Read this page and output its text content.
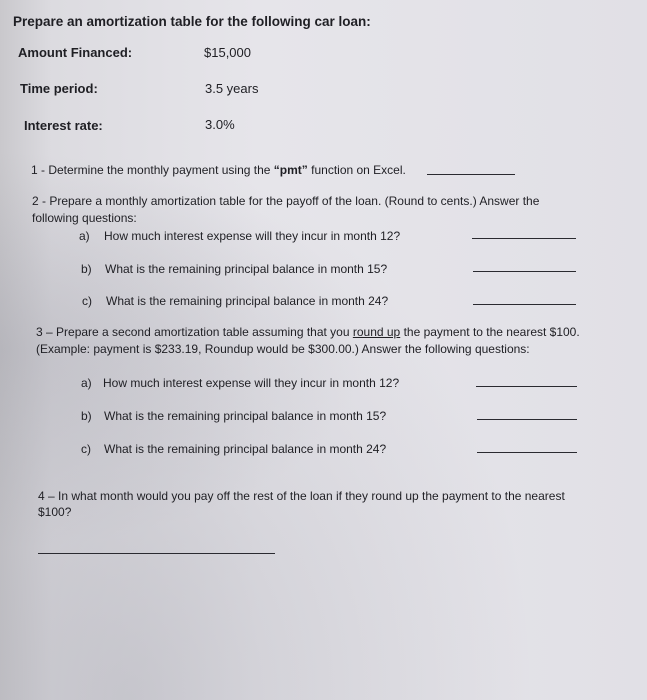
Prepare an amortization table for the following car loan:
Amount Financed:	$15,000
Time period:	3.5 years
Interest rate:	3.0%
1 - Determine the monthly payment using the “pmt” function on Excel.
2 - Prepare a monthly amortization table for the payoff of the loan. (Round to cents.) Answer the
following questions:
a) How much interest expense will they incur in month 12?
b) What is the remaining principal balance in month 15?
c) What is the remaining principal balance in month 24?
3 – Prepare a second amortization table assuming that you round up the payment to the nearest $100.
(Example: payment is $233.19, Roundup would be $300.00.) Answer the following questions:
a) How much interest expense will they incur in month 12?
b) What is the remaining principal balance in month 15?
c) What is the remaining principal balance in month 24?
4 – In what month would you pay off the rest of the loan if they round up the payment to the nearest
$100?
